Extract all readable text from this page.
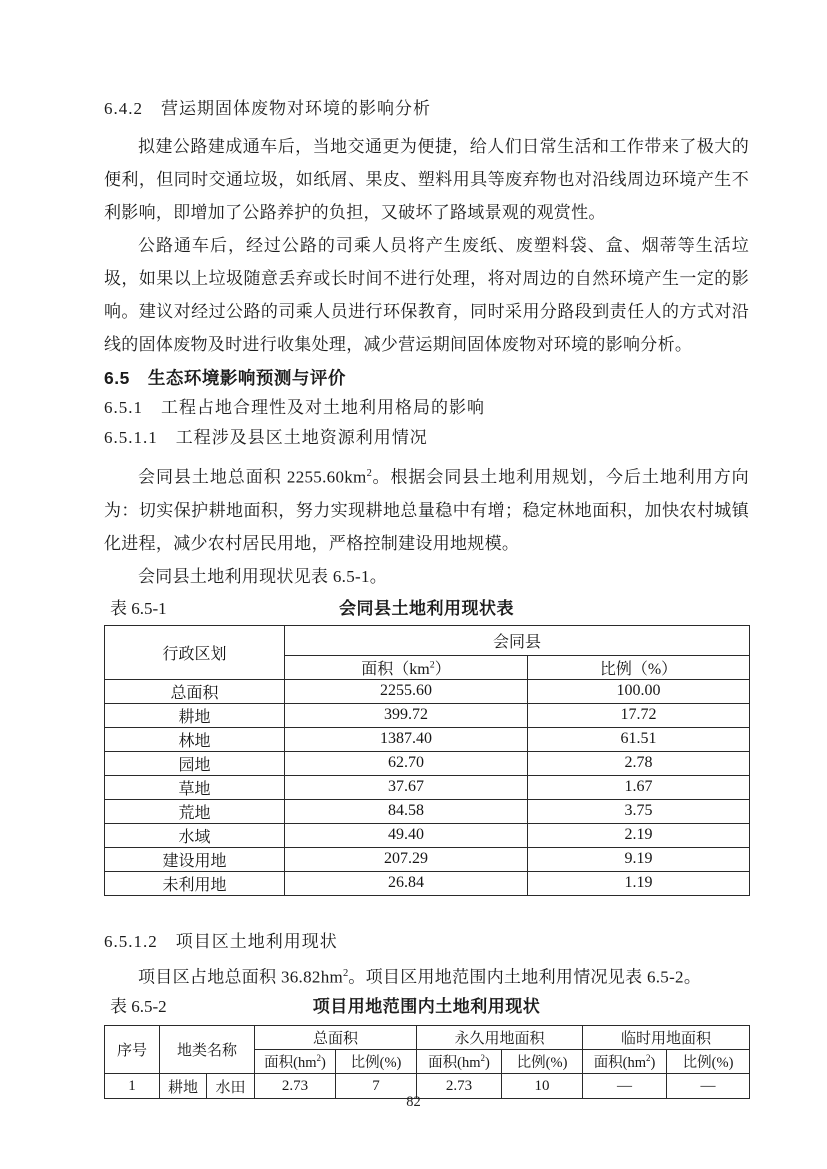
6.4.2　营运期固体废物对环境的影响分析

拟建公路建成通车后，当地交通更为便捷，给人们日常生活和工作带来了极大的便利，但同时交通垃圾，如纸屑、果皮、塑料用具等废弃物也对沿线周边环境产生不利影响，即增加了公路养护的负担，又破坏了路域景观的观赏性。

公路通车后，经过公路的司乘人员将产生废纸、废塑料袋、盒、烟蒂等生活垃圾，如果以上垃圾随意丢弃或长时间不进行处理，将对周边的自然环境产生一定的影响。建议对经过公路的司乘人员进行环保教育，同时采用分路段到责任人的方式对沿线的固体废物及时进行收集处理，减少营运期间固体废物对环境的影响分析。

6.5　生态环境影响预测与评价
6.5.1　工程占地合理性及对土地利用格局的影响
6.5.1.1　工程涉及县区土地资源利用情况

会同县土地总面积 $2255.60km^2$。根据会同县土地利用规划，今后土地利用方向为：切实保护耕地面积，努力实现耕地总量稳中有增；稳定林地面积，加快农村城镇化进程，减少农村居民用地，严格控制建设用地规模。

会同县土地利用现状见表 6.5-1。

表 6.5-1	会同县土地利用现状表
行政区划	会同县	
	面积$(km^2)$	比例（%）
总面积	2255.60	100.00
耕地	399.72	17.72
林地	1387.40	61.51
园地	62.70	2.78
草地	37.67	1.67
荒地	84.58	3.75
水域	49.40	2.19
建设用地	207.29	9.19
未利用地	26.84	1.19
6.5.1.2　项目区土地利用现状

项目区占地总面积 $36.82hm^2$。项目区用地范围内土地利用情况见表 6.5-2。

表 6.5-2	项目用地范围内土地利用现状
序号	地类名称		总面积		永久用地面积		临时用地面积	
			面积$(hm^2)$	比例(%)	面积$(hm^2)$	比例(%)	面积$(hm^2)$	比例(%)
1	耕地	水田	2.73	7	2.73	10	—	—
82
